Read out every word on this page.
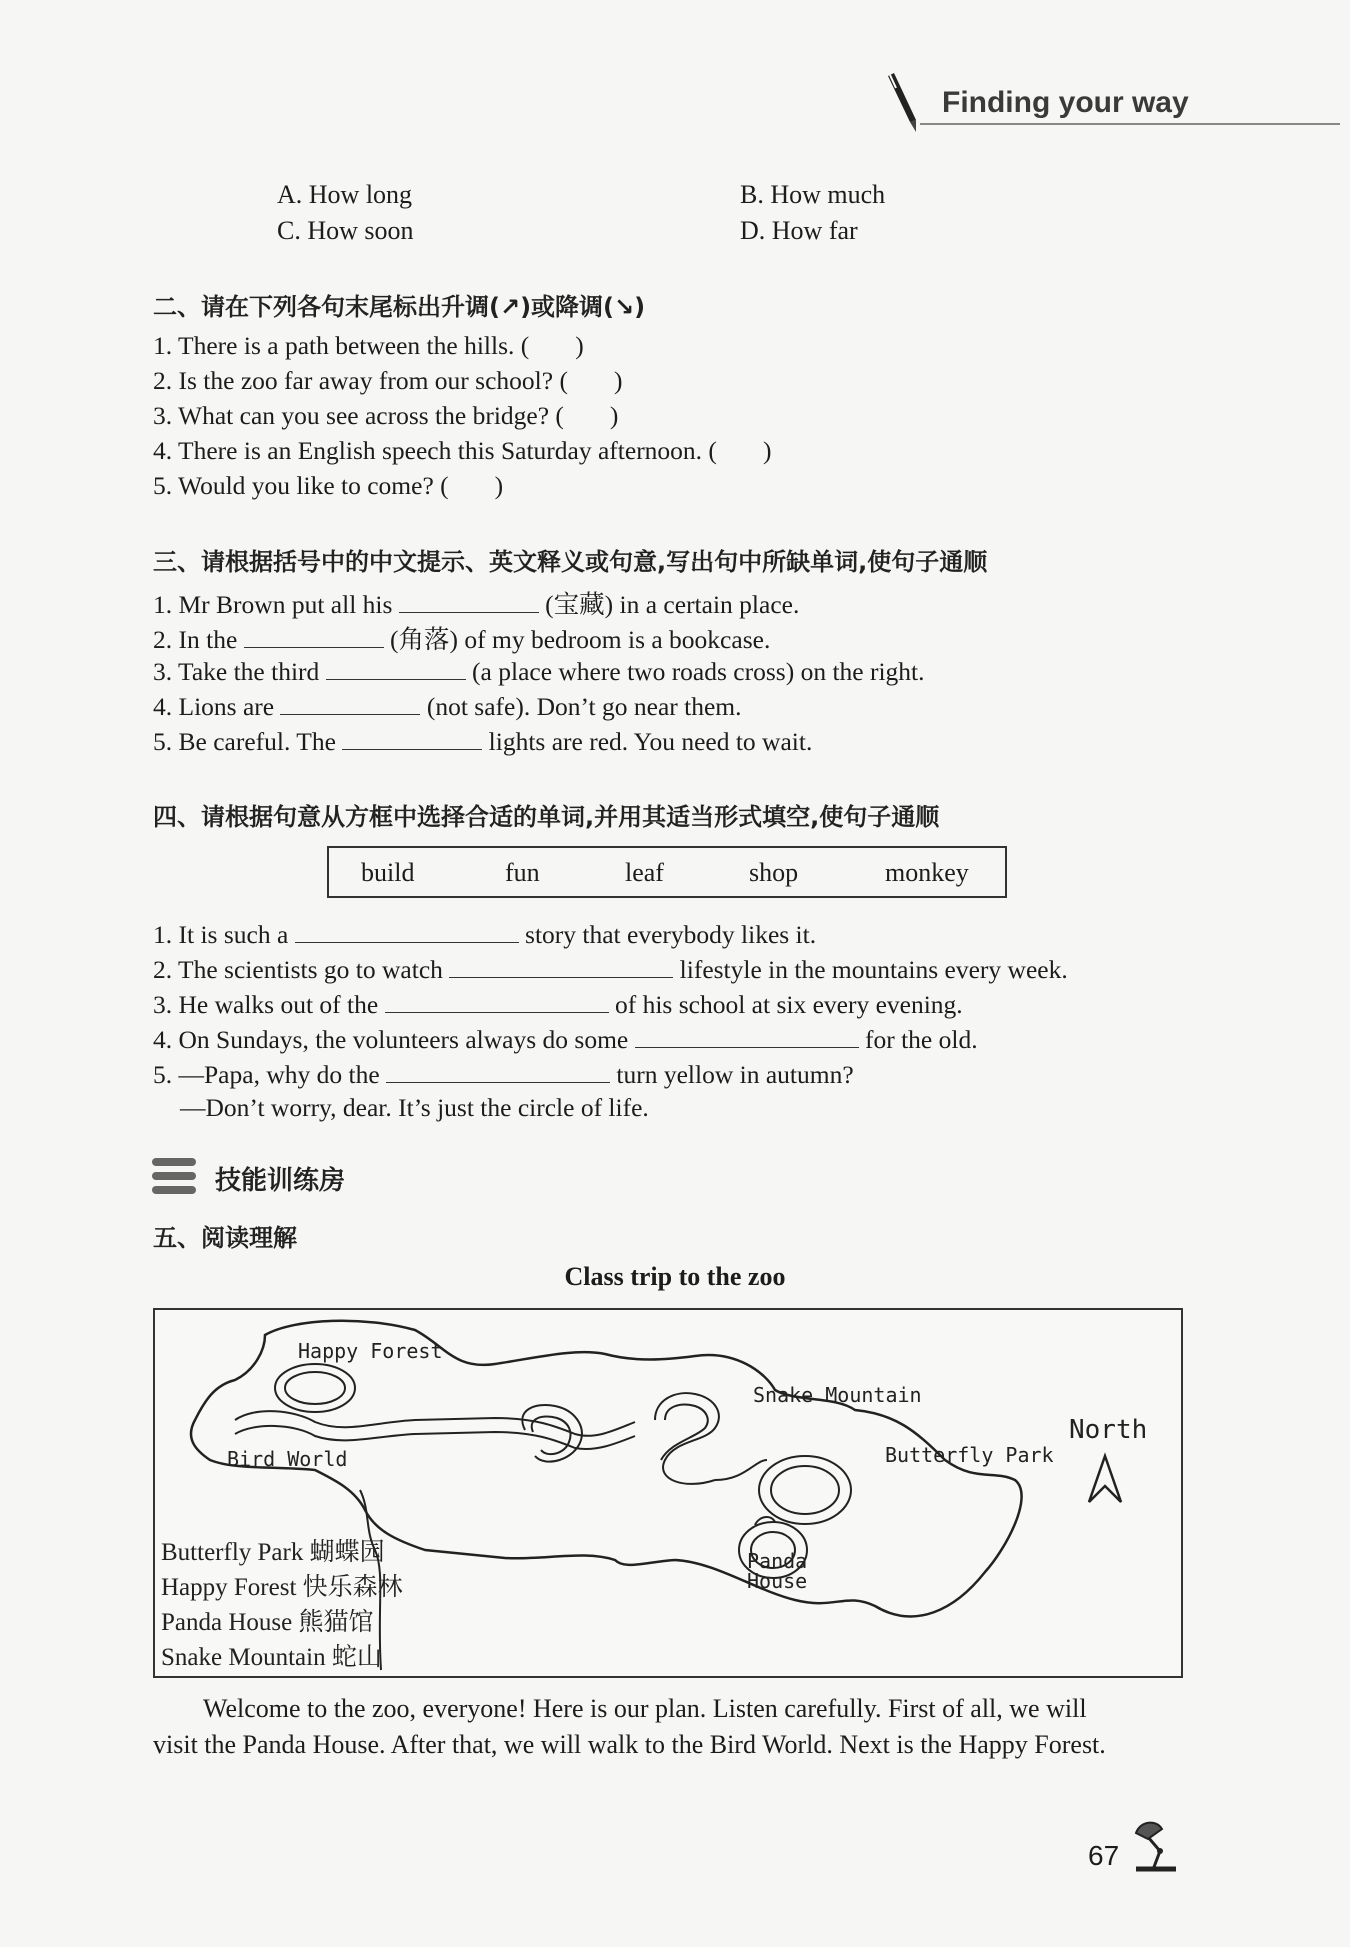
Finding your way
A. How long	B. How much
C. How soon	D. How far
二、请在下列各句末尾标出升调(↗)或降调(↘)
1. There is a path between the hills. ( )
2. Is the zoo far away from our school? ( )
3. What can you see across the bridge? ( )
4. There is an English speech this Saturday afternoon. ( )
5. Would you like to come? ( )
三、请根据括号中的中文提示、英文释义或句意,写出句中所缺单词,使句子通顺
1. Mr Brown put all his	(宝藏) in a certain place.
2. In the	(角落) of my bedroom is a bookcase.
3. Take the third	(a place where two roads cross) on the right.
4. Lions are	(not safe). Don’t go near them.
5. Be careful. The	lights are red. You need to wait.
四、请根据句意从方框中选择合适的单词,并用其适当形式填空,使句子通顺
build	fun	leaf	shop	monkey
1. It is such a	story that everybody likes it.
2. The scientists go to watch	lifestyle in the mountains every week.
3. He walks out of the	of his school at six every evening.
4. On Sundays, the volunteers always do some	for the old.
5. —Papa, why do the	turn yellow in autumn?
—Don’t worry, dear. It’s just the circle of life.
技能训练房
五、阅读理解
Class trip to the zoo
Happy Forest
Snake Mountain
Bird World	Butterfly Park
Panda
House
North
Butterfly Park 蝴蝶园
Happy Forest 快乐森林
Panda House 熊猫馆
Snake Mountain 蛇山
Welcome to the zoo, everyone! Here is our plan. Listen carefully. First of all, we will
visit the Panda House. After that, we will walk to the Bird World. Next is the Happy Forest.
67
